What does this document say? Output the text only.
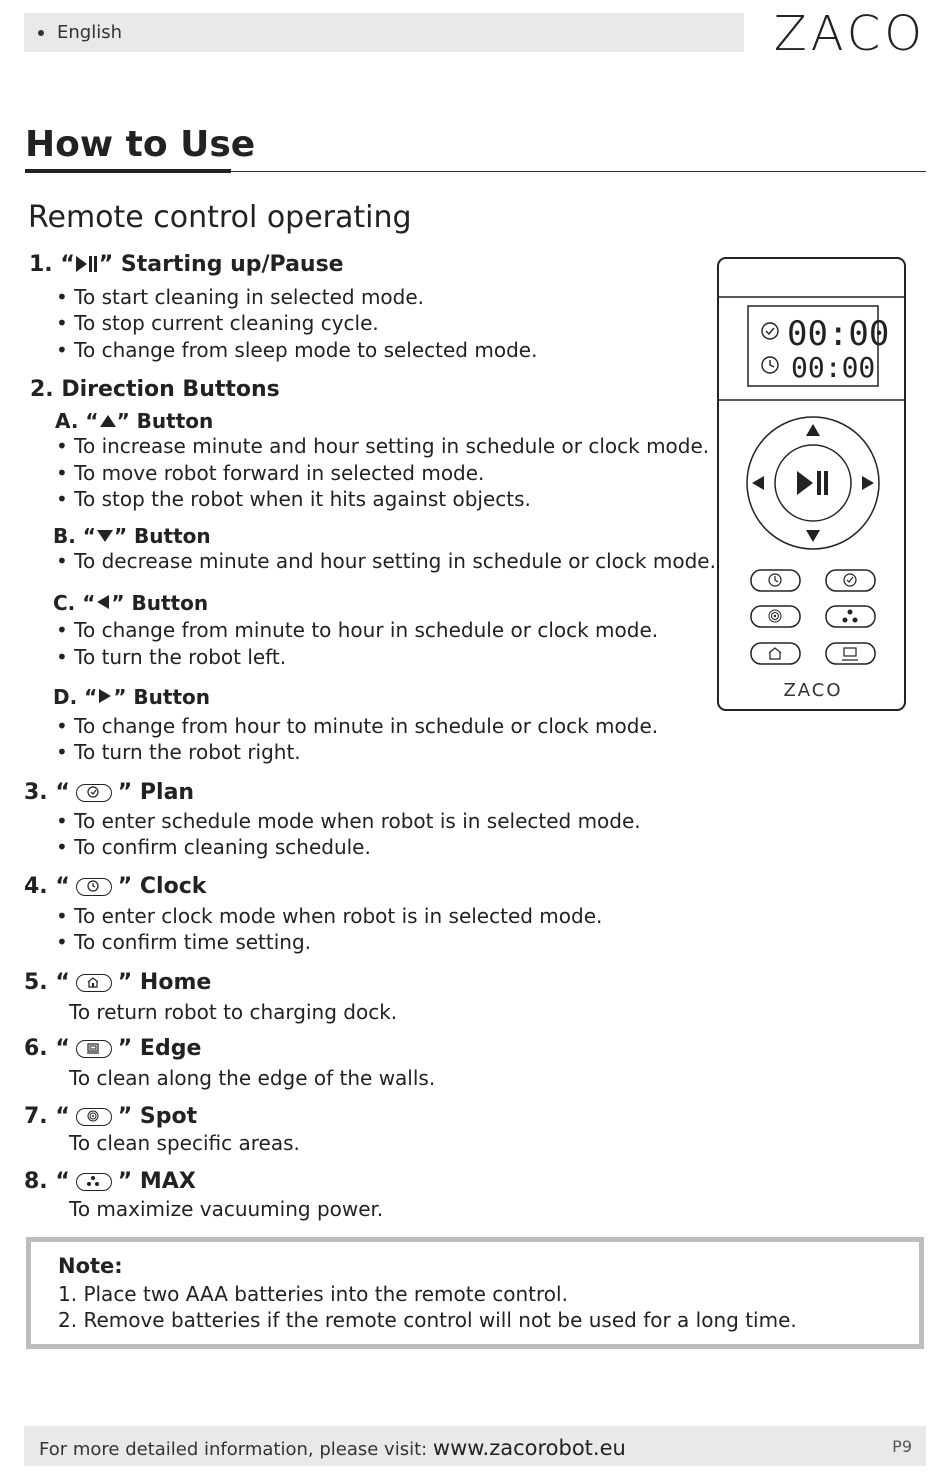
English	ZACO
How to Use
Remote control operating
1. “ ” Starting up/Pause
• To start cleaning in selected mode.
• To stop current cleaning cycle.
• To change from sleep mode to selected mode.
2. Direction Buttons
A. “ ” Button
• To increase minute and hour setting in schedule or clock mode.
• To move robot forward in selected mode.
• To stop the robot when it hits against objects.
B. “ ” Button
• To decrease minute and hour setting in schedule or clock mode.
C. “ ” Button
• To change from minute to hour in schedule or clock mode.
• To turn the robot left.
D. “ ” Button
• To change from hour to minute in schedule or clock mode.
• To turn the robot right.
3. “ ” Plan
• To enter schedule mode when robot is in selected mode.
• To confirm cleaning schedule.
4. “ ” Clock
• To enter clock mode when robot is in selected mode.
• To confirm time setting.
5. “ ” Home
To return robot to charging dock.
6. “ ” Edge
To clean along the edge of the walls.
7. “ ” Spot
To clean specific areas.
8. “ ” MAX
To maximize vacuuming power.
00:00
00:00
ZACO
Note:
1. Place two AAA batteries into the remote control.
2. Remove batteries if the remote control will not be used for a long time.
For more detailed information, please visit: www.zacorobot.eu	P9
